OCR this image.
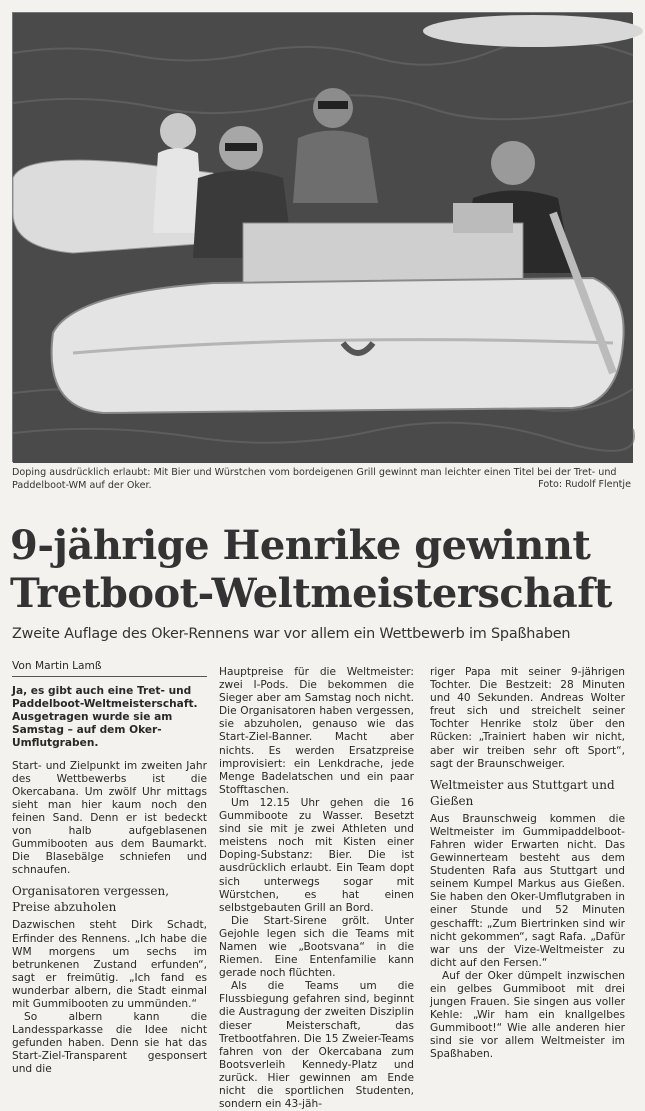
Doping ausdrücklich erlaubt: Mit Bier und Würstchen vom bordeigenen Grill gewinnt man leichter einen Titel bei der Tret- und Paddelboot-WM auf der Oker.	Foto: Rudolf Flentje
9-jährige Henrike gewinnt
Tretboot-Weltmeisterschaft
Zweite Auflage des Oker-Rennens war vor allem ein Wettbewerb im Spaßhaben
Von Martin Lamß
Ja, es gibt auch eine Tret- und Paddelboot-Weltmeisterschaft. Ausgetragen wurde sie am Samstag – auf dem Oker-Umflutgraben.
Start- und Zielpunkt im zweiten Jahr des Wettbewerbs ist die Okercabana. Um zwölf Uhr mittags sieht man hier kaum noch den feinen Sand. Denn er ist bedeckt von halb aufgeblasenen Gummibooten aus dem Baumarkt. Die Blasebälge schniefen und schnaufen.
Organisatoren vergessen, Preise abzuholen
Dazwischen steht Dirk Schadt, Erfinder des Rennens. „Ich habe die WM morgens um sechs im betrunkenen Zustand erfunden“, sagt er freimütig. „Ich fand es wunderbar albern, die Stadt einmal mit Gummibooten zu ummünden.“
So albern kann die Landessparkasse die Idee nicht gefunden haben. Denn sie hat das Start-Ziel-Transparent gesponsert und die
Hauptpreise für die Weltmeister: zwei I-Pods. Die bekommen die Sieger aber am Samstag noch nicht. Die Organisatoren haben vergessen, sie abzuholen, genauso wie das Start-Ziel-Banner. Macht aber nichts. Es werden Ersatzpreise improvisiert: ein Lenkdrache, jede Menge Badelatschen und ein paar Stofftaschen.
Um 12.15 Uhr gehen die 16 Gummiboote zu Wasser. Besetzt sind sie mit je zwei Athleten und meistens noch mit Kisten einer Doping-Substanz: Bier. Die ist ausdrücklich erlaubt. Ein Team dopt sich unterwegs sogar mit Würstchen, es hat einen selbstgebauten Grill an Bord.
Die Start-Sirene grölt. Unter Gejohle legen sich die Teams mit Namen wie „Bootsvana“ in die Riemen. Eine Entenfamilie kann gerade noch flüchten.
Als die Teams um die Flussbiegung gefahren sind, beginnt die Austragung der zweiten Disziplin dieser Meisterschaft, das Tretbootfahren. Die 15 Zweier-Teams fahren von der Okercabana zum Bootsverleih Kennedy-Platz und zurück. Hier gewinnen am Ende nicht die sportlichen Studenten, sondern ein 43-jäh-
riger Papa mit seiner 9-jährigen Tochter. Die Bestzeit: 28 Minuten und 40 Sekunden. Andreas Wolter freut sich und streichelt seiner Tochter Henrike stolz über den Rücken: „Trainiert haben wir nicht, aber wir treiben sehr oft Sport“, sagt der Braunschweiger.
Weltmeister aus Stuttgart und Gießen
Aus Braunschweig kommen die Weltmeister im Gummipaddelboot-Fahren wider Erwarten nicht. Das Gewinnerteam besteht aus dem Studenten Rafa aus Stuttgart und seinem Kumpel Markus aus Gießen. Sie haben den Oker-Umflutgraben in einer Stunde und 52 Minuten geschafft: „Zum Biertrinken sind wir nicht gekommen“, sagt Rafa. „Dafür war uns der Vize-Weltmeister zu dicht auf den Fersen.“
Auf der Oker dümpelt inzwischen ein gelbes Gummiboot mit drei jungen Frauen. Sie singen aus voller Kehle: „Wir ham ein knallgelbes Gummiboot!“ Wie alle anderen hier sind sie vor allem Weltmeister im Spaßhaben.
